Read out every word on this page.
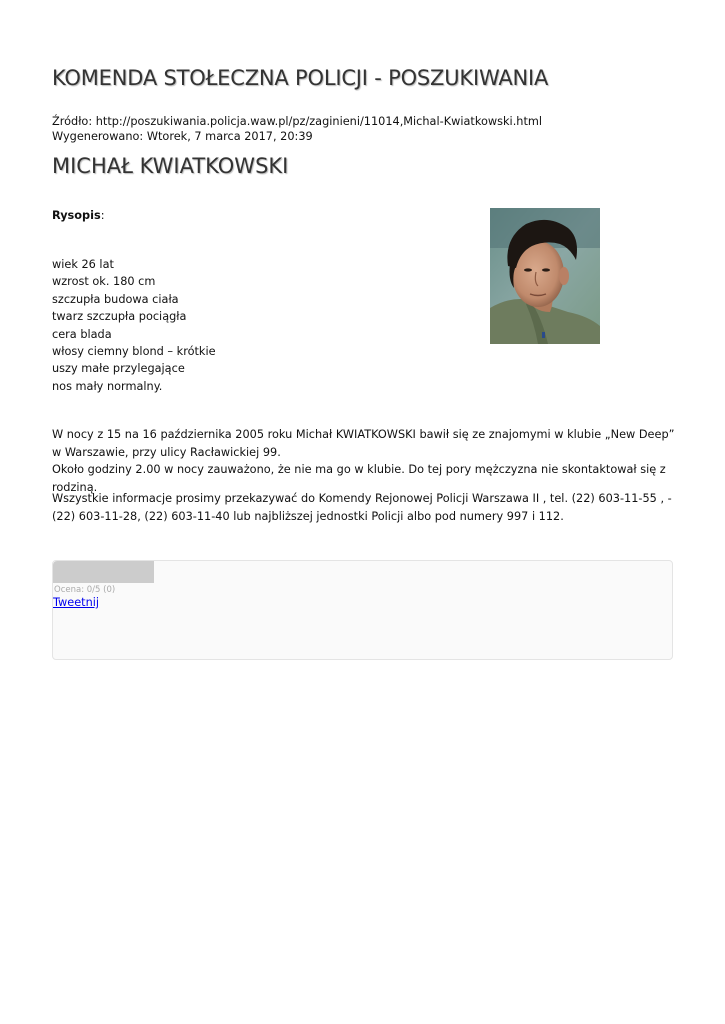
KOMENDA STOŁECZNA POLICJI - POSZUKIWANIA
Źródło: http://poszukiwania.policja.waw.pl/pz/zaginieni/11014,Michal-Kwiatkowski.html
Wygenerowano: Wtorek, 7 marca 2017, 20:39
MICHAŁ KWIATKOWSKI
Rysopis:
wiek 26 lat
wzrost ok. 180 cm
szczupła budowa ciała
twarz szczupła pociągła
cera blada
włosy ciemny blond – krótkie
uszy małe przylegające
nos mały normalny.
W nocy z 15 na 16 października 2005 roku Michał KWIATKOWSKI bawił się ze znajomymi w klubie „New Deep” w Warszawie, przy ulicy Racławickiej 99.
Około godziny 2.00 w nocy zauważono, że nie ma go w klubie. Do tej pory mężczyzna nie skontaktował się z rodziną.

Wszystkie informacje prosimy przekazywać do Komendy Rejonowej Policji Warszawa II , tel. (22) 603-11-55 , -(22) 603-11-28, (22) 603-11-40 lub najbliższej jednostki Policji albo pod numery 997 i 112.

Ocena: 0/5 (0)
Tweetnij
